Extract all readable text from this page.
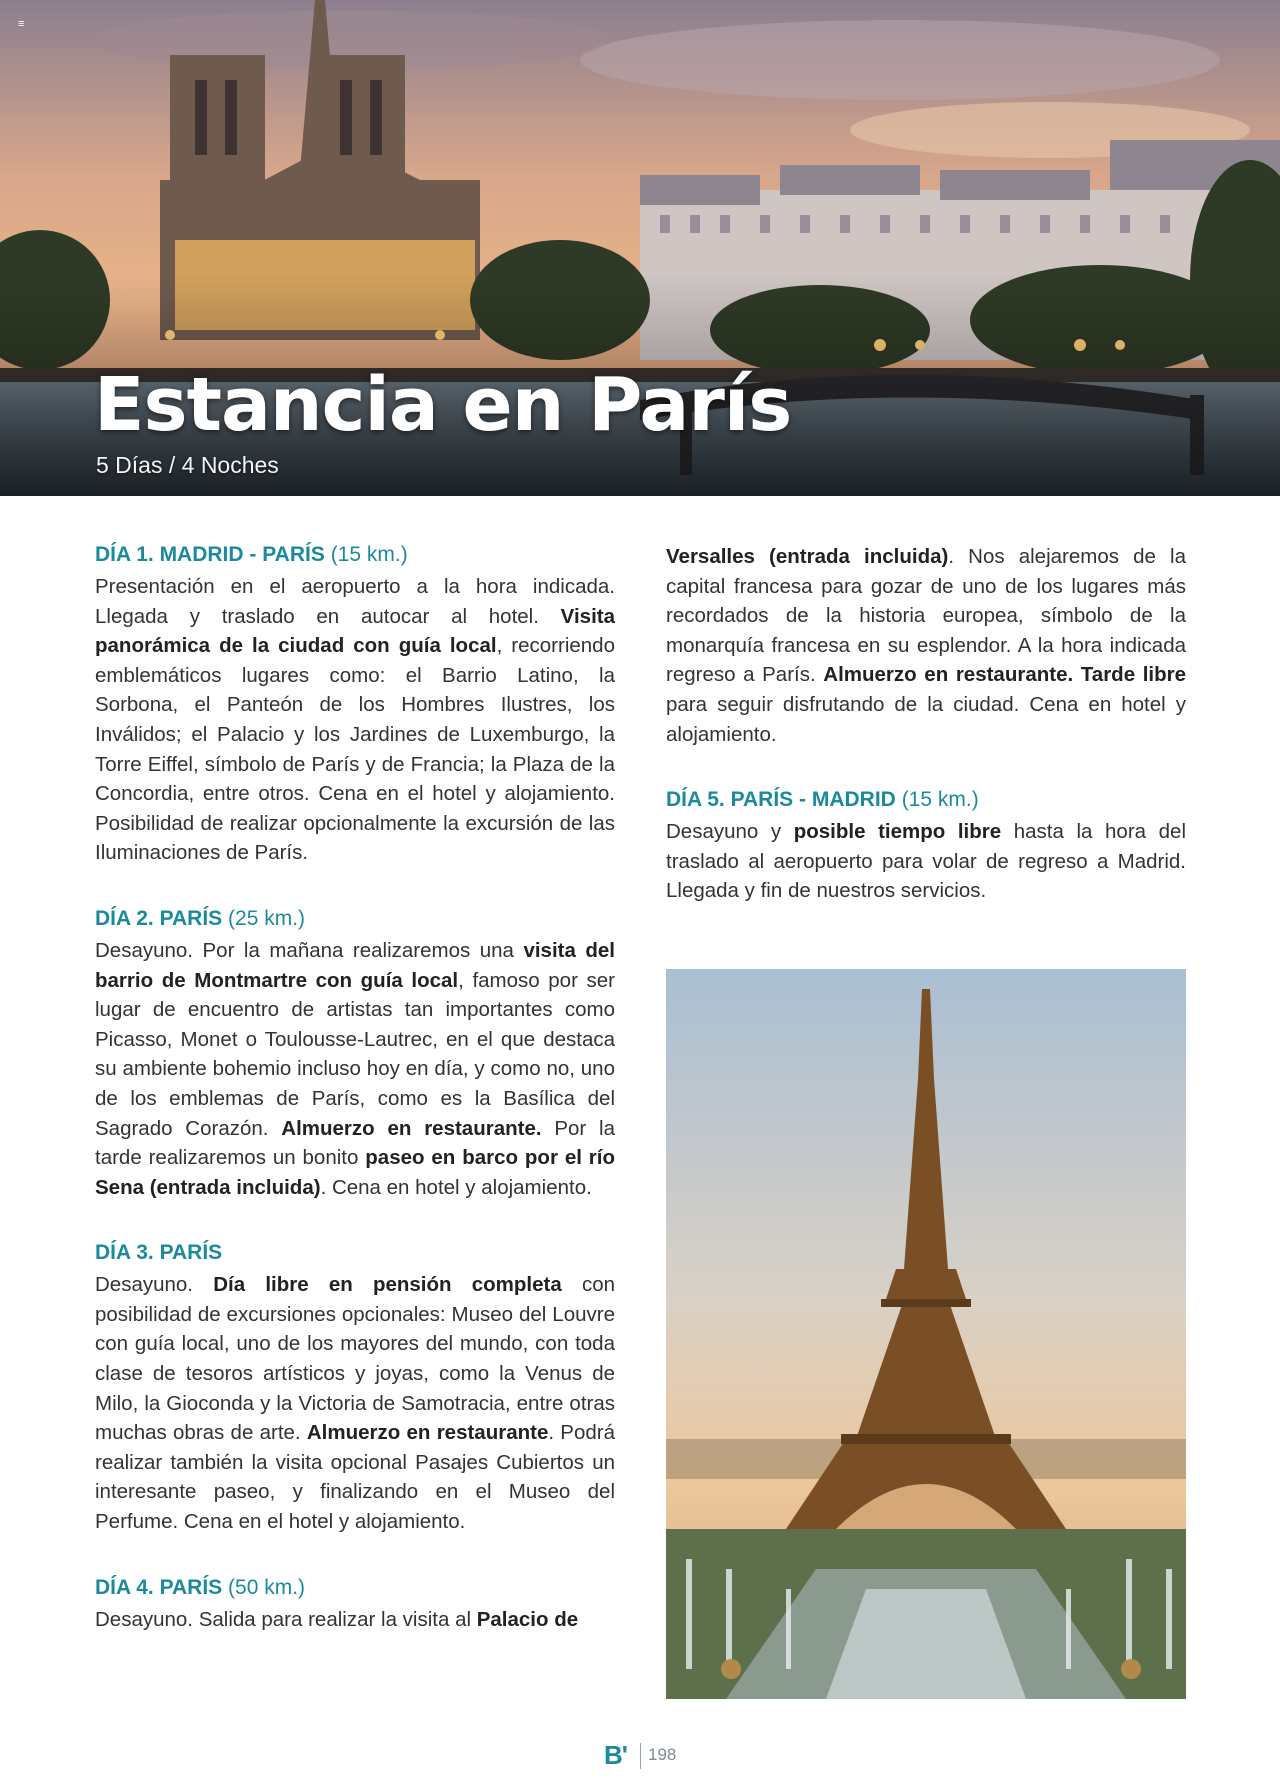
≡
Estancia en París
5 Días / 4 Noches

DÍA 1. MADRID - PARÍS (15 km.)

Presentación en el aeropuerto a la hora indicada. Llegada y traslado en autocar al hotel. Visita panorámica de la ciudad con guía local, recorriendo emblemáticos lugares como: el Barrio Latino, la Sorbona, el Panteón de los Hombres Ilustres, los Inválidos; el Palacio y los Jardines de Luxemburgo, la Torre Eiffel, símbolo de París y de Francia; la Plaza de la Concordia, entre otros. Cena en el hotel y alojamiento. Posibilidad de realizar opcionalmente la excursión de las Iluminaciones de París.

DÍA 2. PARÍS (25 km.)

Desayuno. Por la mañana realizaremos una visita del barrio de Montmartre con guía local, famoso por ser lugar de encuentro de artistas tan importantes como Picasso, Monet o Toulousse-Lautrec, en el que destaca su ambiente bohemio incluso hoy en día, y como no, uno de los emblemas de París, como es la Basílica del Sagrado Corazón. Almuerzo en restaurante. Por la tarde realizaremos un bonito paseo en barco por el río Sena (entrada incluida). Cena en hotel y alojamiento.

DÍA 3. PARÍS

Desayuno. Día libre en pensión completa con posibilidad de excursiones opcionales: Museo del Louvre con guía local, uno de los mayores del mundo, con toda clase de tesoros artísticos y joyas, como la Venus de Milo, la Gioconda y la Victoria de Samotracia, entre otras muchas obras de arte. Almuerzo en restaurante. Podrá realizar también la visita opcional Pasajes Cubiertos un interesante paseo, y finalizando en el Museo del Perfume. Cena en el hotel y alojamiento.

DÍA 4. PARÍS (50 km.)

Desayuno. Salida para realizar la visita al Palacio de

Versalles (entrada incluida). Nos alejaremos de la capital francesa para gozar de uno de los lugares más recordados de la historia europea, símbolo de la monarquía francesa en su esplendor. A la hora indicada regreso a París. Almuerzo en restaurante. Tarde libre para seguir disfrutando de la ciudad. Cena en hotel y alojamiento.

DÍA 5. PARÍS - MADRID (15 km.)

Desayuno y posible tiempo libre hasta la hora del traslado al aeropuerto para volar de regreso a Madrid. Llegada y fin de nuestros servicios.

B' 198
